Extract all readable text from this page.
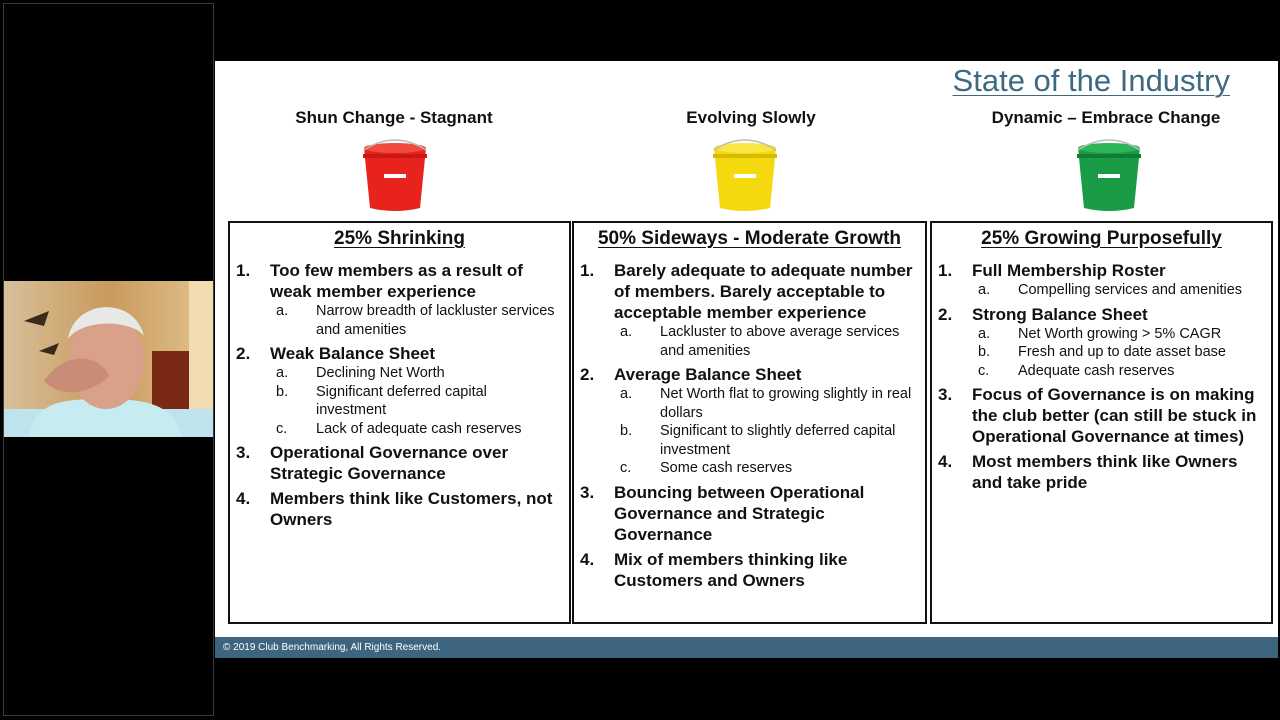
State of the Industry
Shun Change - Stagnant	Evolving Slowly	Dynamic – Embrace Change
25% Shrinking
1.	Too few members as a result of weak member experience
a.	Narrow breadth of lackluster services and amenities
2.	Weak Balance Sheet
a.	Declining Net Worth
b.	Significant deferred capital investment
c.	Lack of adequate cash reserves
3.	Operational Governance over Strategic Governance
4.	Members think like Customers, not Owners
50% Sideways - Moderate Growth
1.	Barely adequate to adequate number of members. Barely acceptable to acceptable member experience
a.	Lackluster to above average services and amenities
2.	Average Balance Sheet
a.	Net Worth flat to growing slightly in real dollars
b.	Significant to slightly deferred capital investment
c.	Some cash reserves
3.	Bouncing between Operational Governance and Strategic Governance
4.	Mix of members thinking like Customers and Owners
25% Growing Purposefully
1.	Full Membership Roster
a.	Compelling services and amenities
2.	Strong Balance Sheet
a.	Net Worth growing > 5% CAGR
b.	Fresh and up to date asset base
c.	Adequate cash reserves
3.	Focus of Governance is on making the club better (can still be stuck in Operational Governance at times)
4.	Most members think like Owners and take pride
© 2019 Club Benchmarking, All Rights Reserved.
